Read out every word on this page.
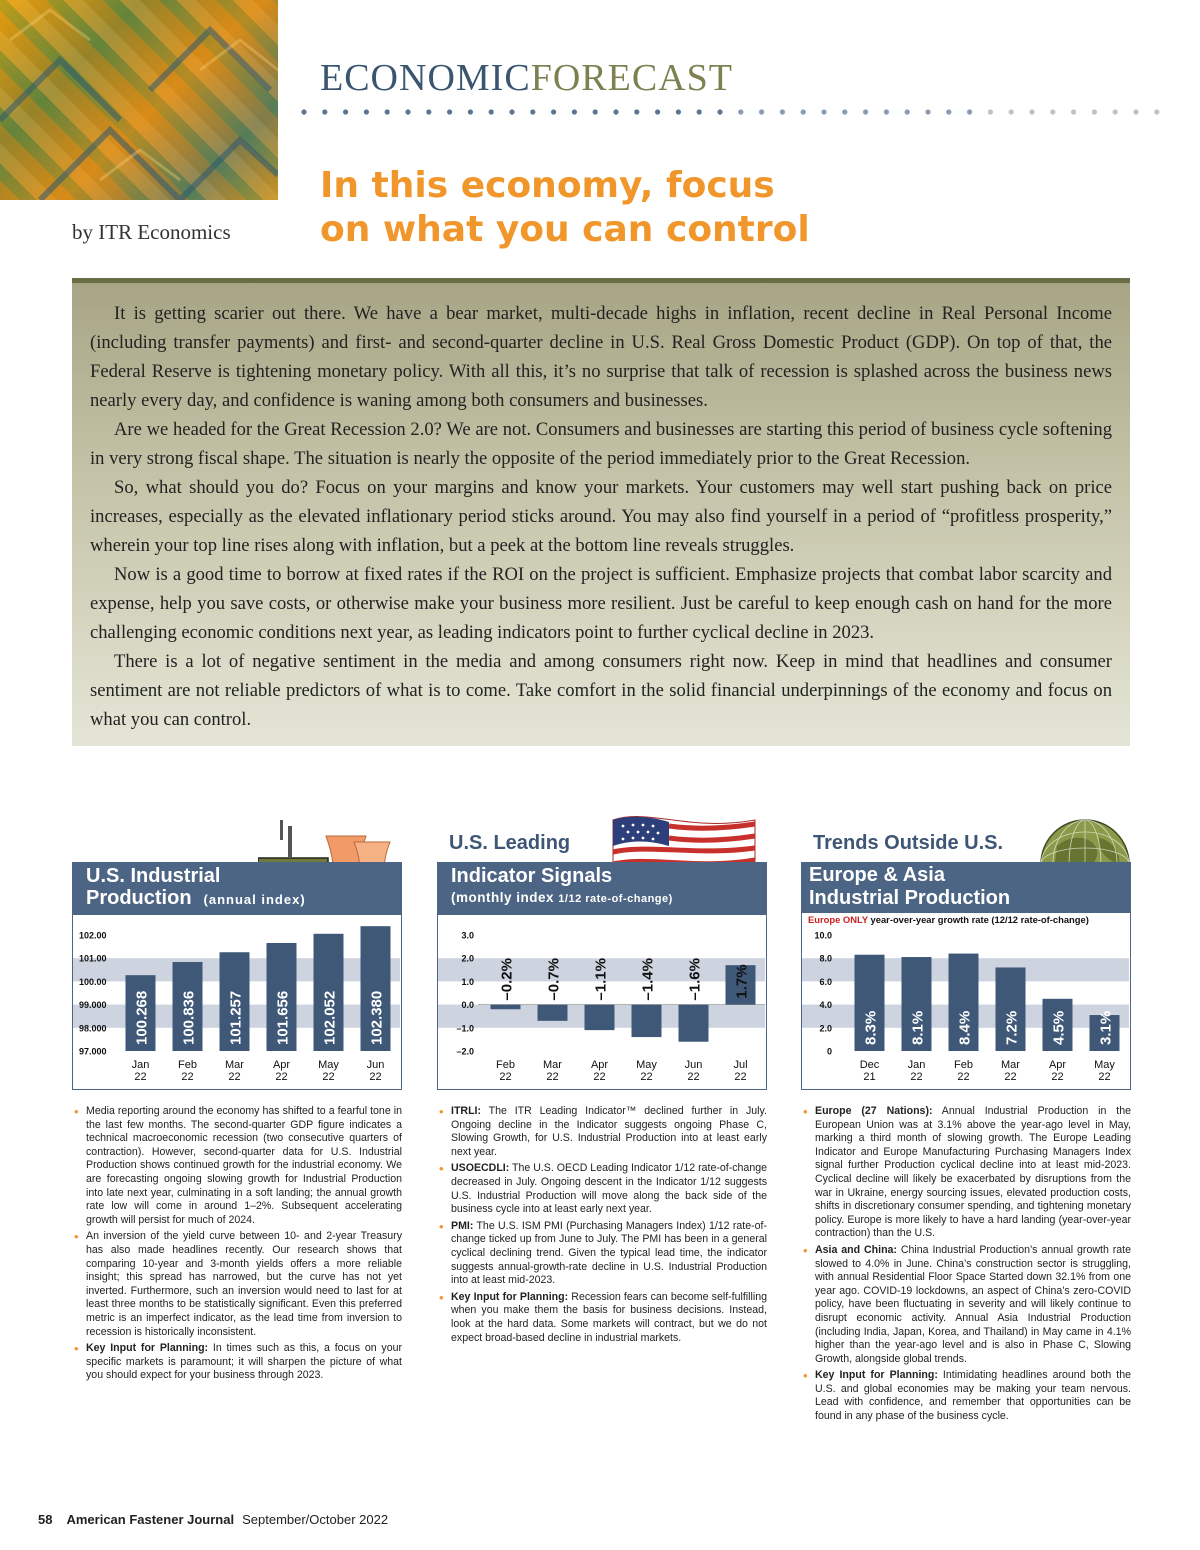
ECONOMICFORECAST
In this economy, focus
on what you can control
by ITR Economics

It is getting scarier out there. We have a bear market, multi-decade highs in inflation, recent decline in Real Personal Income (including transfer payments) and first- and second-quarter decline in U.S. Real Gross Domestic Product (GDP). On top of that, the Federal Reserve is tightening monetary policy. With all this, it’s no surprise that talk of recession is splashed across the business news nearly every day, and confidence is waning among both consumers and businesses.

Are we headed for the Great Recession 2.0? We are not. Consumers and businesses are starting this period of business cycle softening in very strong fiscal shape. The situation is nearly the opposite of the period immediately prior to the Great Recession.

So, what should you do? Focus on your margins and know your markets. Your customers may well start pushing back on price increases, especially as the elevated inflationary period sticks around. You may also find yourself in a period of “profitless prosperity,” wherein your top line rises along with inflation, but a peek at the bottom line reveals struggles.

Now is a good time to borrow at fixed rates if the ROI on the project is sufficient. Emphasize projects that combat labor scarcity and expense, help you save costs, or otherwise make your business more resilient. Just be careful to keep enough cash on hand for the more challenging economic conditions next year, as leading indicators point to further cyclical decline in 2023.

There is a lot of negative sentiment in the media and among consumers right now. Keep in mind that headlines and consumer sentiment are not reliable predictors of what is to come. Take comfort in the solid financial underpinnings of the economy and focus on what you can control.

U.S. Industrial
Production (annual index)
102.00
101.00
100.00
99.000
98.000
97.000
100.268
Jan
22
100.836
Feb
22
101.257
Mar
22
101.656
Apr
22
102.052
May
22
102.380
Jun
22
U.S. Leading
Indicator Signals
(monthly index 1/12 rate-of-change)
3.0
2.0
1.0
0.0
–1.0
–2.0
–0.2%
Feb
22
–0.7%
Mar
22
–1.1%
Apr
22
–1.4%
May
22
–1.6%
Jun
22
1.7%
Jul
22
Trends Outside U.S.
Europe & Asia
Industrial Production
Europe ONLY year-over-year growth rate (12/12 rate-of-change)
10.0
8.0
6.0
4.0
2.0
0
8.3%
Dec
21
8.1%
Jan
22
8.4%
Feb
22
7.2%
Mar
22
4.5%
Apr
22
3.1%
May
22
• Media reporting around the economy has shifted to a fearful tone in the last few months. The second-quarter GDP figure indicates a technical macroeconomic recession (two consecutive quarters of contraction). However, second-quarter data for U.S. Industrial Production shows continued growth for the industrial economy. We are forecasting ongoing slowing growth for Industrial Production into late next year, culminating in a soft landing; the annual growth rate low will come in around 1–2%. Subsequent accelerating growth will persist for much of 2024.
• An inversion of the yield curve between 10- and 2-year Treasury has also made headlines recently. Our research shows that comparing 10-year and 3-month yields offers a more reliable insight; this spread has narrowed, but the curve has not yet inverted. Furthermore, such an inversion would need to last for at least three months to be statistically significant. Even this preferred metric is an imperfect indicator, as the lead time from inversion to recession is historically inconsistent.
• Key Input for Planning: In times such as this, a focus on your specific markets is paramount; it will sharpen the picture of what you should expect for your business through 2023.
• ITRLI: The ITR Leading Indicator™ declined further in July. Ongoing decline in the Indicator suggests ongoing Phase C, Slowing Growth, for U.S. Industrial Production into at least early next year.
• USOECDLI: The U.S. OECD Leading Indicator 1/12 rate-of-change decreased in July. Ongoing descent in the Indicator 1/12 suggests U.S. Industrial Production will move along the back side of the business cycle into at least early next year.
• PMI: The U.S. ISM PMI (Purchasing Managers Index) 1/12 rate-of-change ticked up from June to July. The PMI has been in a general cyclical declining trend. Given the typical lead time, the indicator suggests annual-growth-rate decline in U.S. Industrial Production into at least mid-2023.
• Key Input for Planning: Recession fears can become self-fulfilling when you make them the basis for business decisions. Instead, look at the hard data. Some markets will contract, but we do not expect broad-based decline in industrial markets.
• Europe (27 Nations): Annual Industrial Production in the European Union was at 3.1% above the year-ago level in May, marking a third month of slowing growth. The Europe Leading Indicator and Europe Manufacturing Purchasing Managers Index signal further Production cyclical decline into at least mid-2023. Cyclical decline will likely be exacerbated by disruptions from the war in Ukraine, energy sourcing issues, elevated production costs, shifts in discretionary consumer spending, and tightening monetary policy. Europe is more likely to have a hard landing (year-over-year contraction) than the U.S.
• Asia and China: China Industrial Production’s annual growth rate slowed to 4.0% in June. China’s construction sector is struggling, with annual Residential Floor Space Started down 32.1% from one year ago. COVID-19 lockdowns, an aspect of China’s zero-COVID policy, have been fluctuating in severity and will likely continue to disrupt economic activity. Annual Asia Industrial Production (including India, Japan, Korea, and Thailand) in May came in 4.1% higher than the year-ago level and is also in Phase C, Slowing Growth, alongside global trends.
• Key Input for Planning: Intimidating headlines around both the U.S. and global economies may be making your team nervous. Lead with confidence, and remember that opportunities can be found in any phase of the business cycle.
58 American Fastener Journal September/October 2022
